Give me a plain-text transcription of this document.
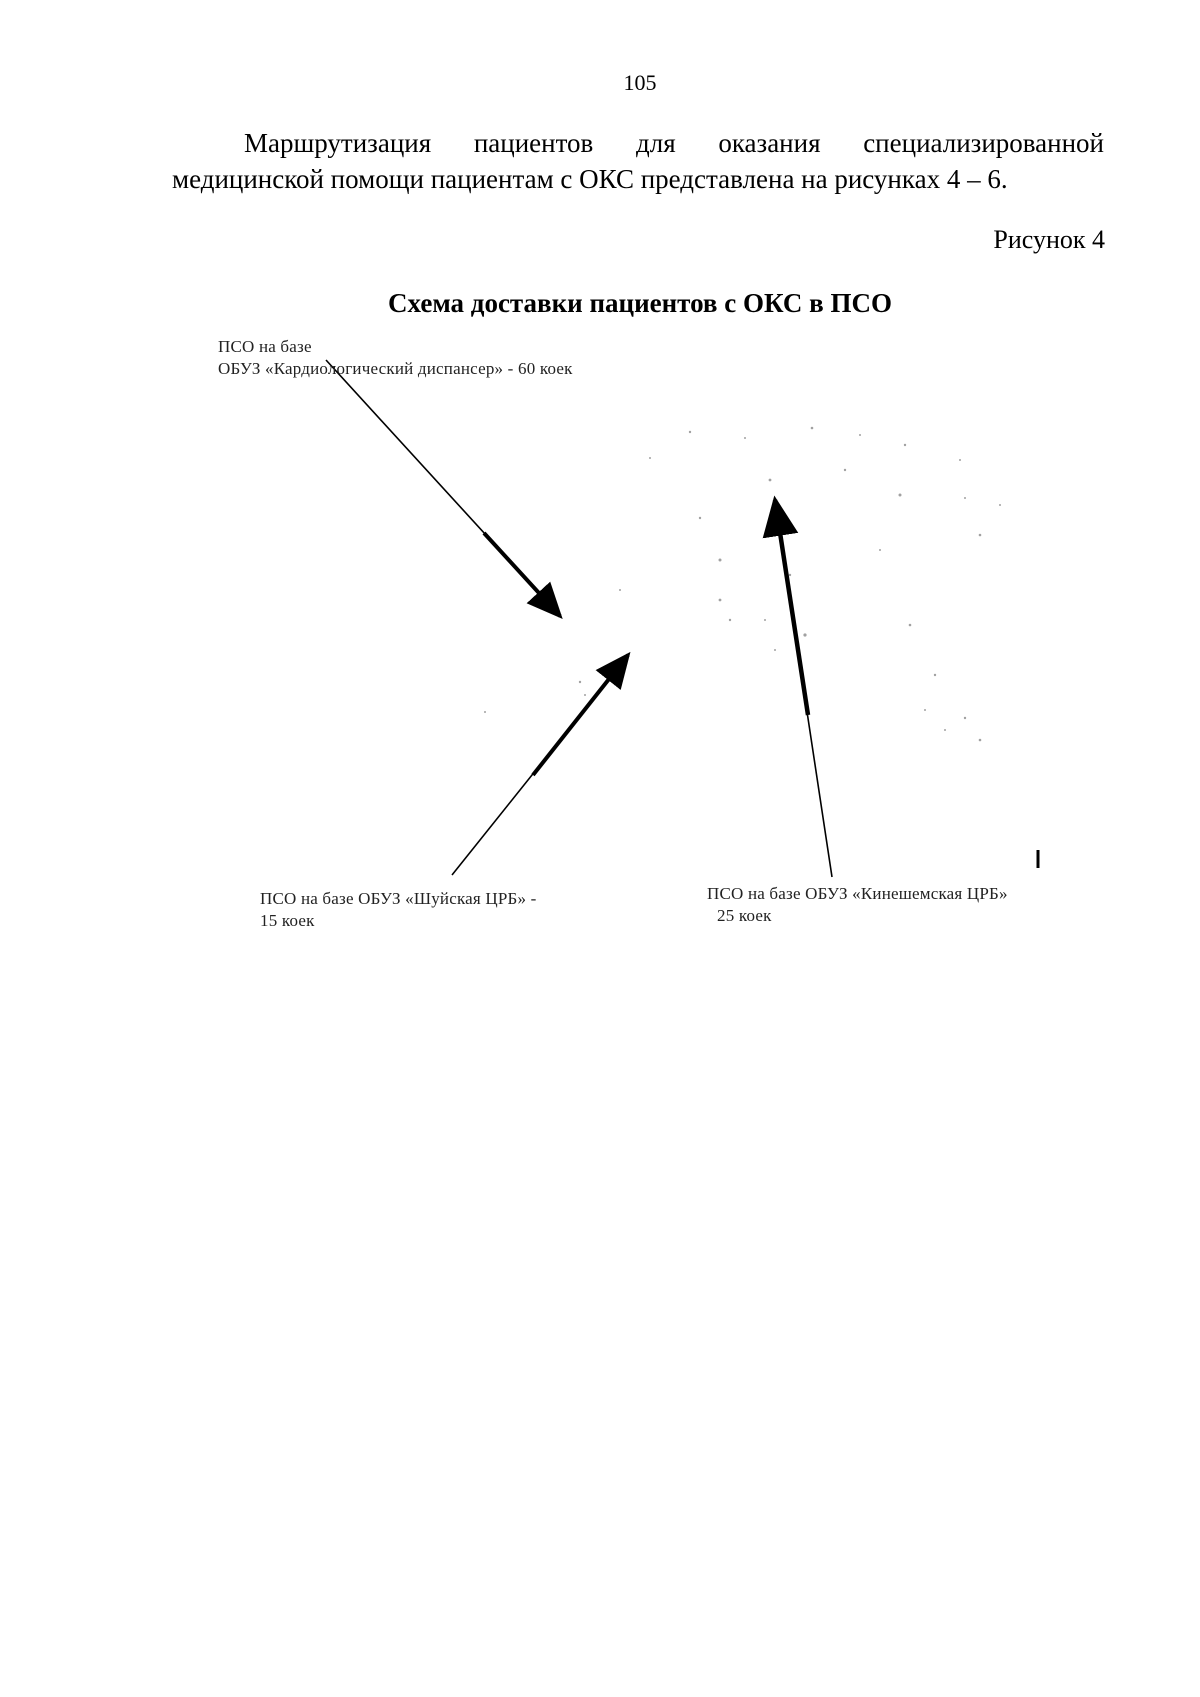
105

Маршрутизация пациентов для оказания специализированной
медицинской помощи пациентам с ОКС представлена на рисунках 4 – 6.

Рисунок 4
Схема доставки пациентов с ОКС в ПСО
ПСО на базе
ОБУЗ «Кардиологический диспансер» - 60 коек
ПСО на базе ОБУЗ «Шуйская ЦРБ» -
15 коек
ПСО на базе ОБУЗ «Кинешемская ЦРБ»
25 коек
